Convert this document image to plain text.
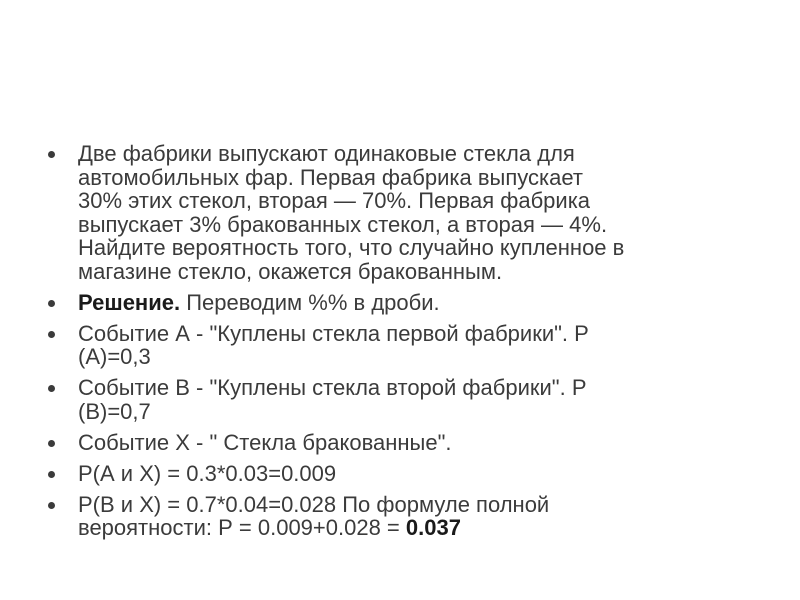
Две фабрики выпускают одинаковые стекла для
автомобильных фар. Первая фабрика выпускает
30% этих стекол, вторая — 70%. Первая фабрика
выпускает 3% бракованных стекол, а вторая — 4%.
Найдите вероятность того, что случайно купленное в
магазине стекло, окажется бракованным.
Решение. Переводим %% в дроби.
Событие А - "Куплены стекла первой фабрики". Р
(А)=0,3
Событие В - "Куплены стекла второй фабрики". Р
(В)=0,7
Событие Х - " Стекла бракованные".
Р(А и Х) = 0.3*0.03=0.009
Р(В и Х) = 0.7*0.04=0.028 По формуле полной
вероятности: Р = 0.009+0.028 = 0.037
